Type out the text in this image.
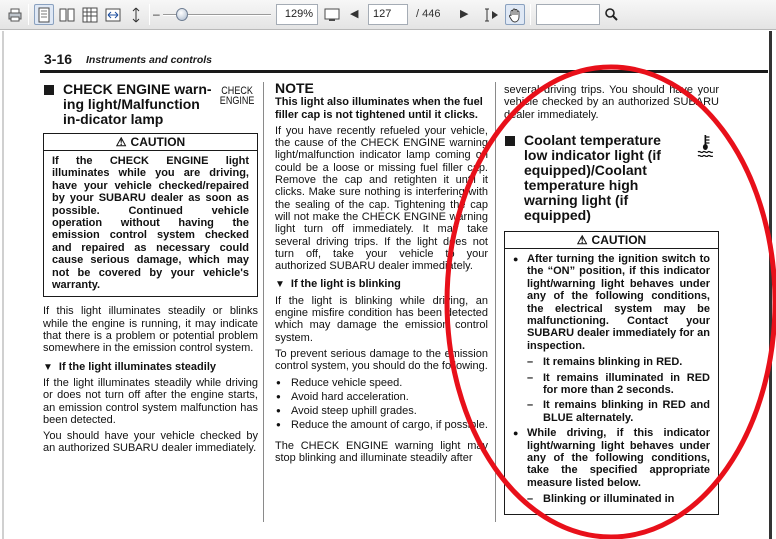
–	129%	◀	127	/ 446 ▶
3-16 Instruments and controls
CHECK ENGINE warn-ing light/Malfunction in-dicator lamp
CHECK
ENGINE
⚠ CAUTION
If the CHECK ENGINE light illuminates while you are driving, have your vehicle checked/repaired by your SUBARU dealer as soon as possible. Continued vehicle operation without having the emission control system checked and repaired as necessary could cause serious damage, which may not be covered by your vehicle's warranty.

If this light illuminates steadily or blinks while the engine is running, it may indicate that there is a problem or potential problem somewhere in the emission control system.

▼ If the light illuminates steadily

If the light illuminates steadily while driving or does not turn off after the engine starts, an emission control system malfunction has been detected.

You should have your vehicle checked by an authorized SUBARU dealer immediately.

NOTE

This light also illuminates when the fuel filler cap is not tightened until it clicks.

If you have recently refueled your vehicle, the cause of the CHECK ENGINE warning light/malfunction indicator lamp coming on could be a loose or missing fuel filler cap. Remove the cap and retighten it until it clicks. Make sure nothing is interfering with the sealing of the cap. Tightening the cap will not make the CHECK ENGINE warning light turn off immediately. It may take several driving trips. If the light does not turn off, take your vehicle to your authorized SUBARU dealer immediately.

▼ If the light is blinking

If the light is blinking while driving, an engine misfire condition has been detected which may damage the emission control system.

To prevent serious damage to the emission control system, you should do the following.

● Reduce vehicle speed.
● Avoid hard acceleration.
● Avoid steep uphill grades.
● Reduce the amount of cargo, if possible.

The CHECK ENGINE warning light may stop blinking and illuminate steadily after

several driving trips. You should have your vehicle checked by an authorized SUBARU dealer immediately.

Coolant temperature low indicator light (if equipped)/Coolant temperature high warning light (if equipped)
⚠ CAUTION
● After turning the ignition switch to the “ON” position, if this indicator light/warning light behaves under any of the following conditions, the electrical system may be malfunctioning. Contact your SUBARU dealer immediately for an inspection.
– It remains blinking in RED.
– It remains illuminated in RED for more than 2 seconds.
– It remains blinking in RED and BLUE alternately.
● While driving, if this indicator light/warning light behaves under any of the following conditions, take the specified appropriate measure listed below.
– Blinking or illuminated in
